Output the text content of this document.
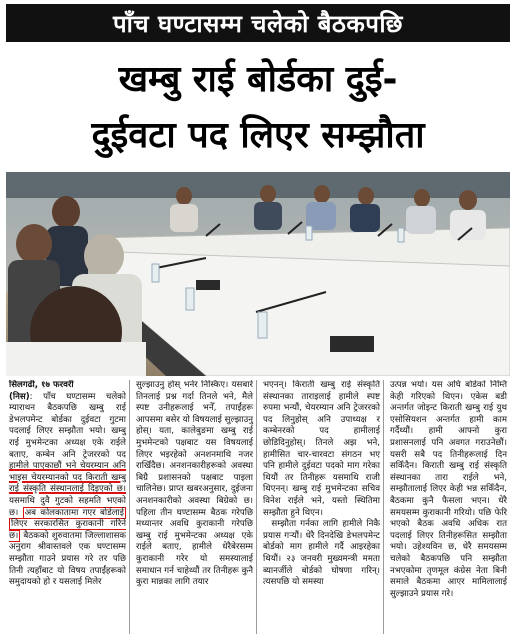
पाँच घण्टासम्म चलेको बैठकपछि
खम्बु राई बोर्डका दुई-
दुईवटा पद लिएर सम्झौता
सिलगढी, १७ फरवरी
(निस): पाँच घण्टासम्म चलेको म्याराथन बैठकपछि खम्बु राई डेभलपमेन्ट बोर्डका दुईवटा गुटमा पदलाई लिएर सम्झौता भयो। खम्बु राई मुभमेन्टका अध्यक्ष एके राईले बताए, कम्बेन अनि ट्रेजररको पद हामीले पाएकाछौं भने चेयरम्यान अनि भाइस चेयरम्यानको पद किराती खम्बु राई संस्कृति संस्थानलाई दिइएको छ। यसमाथि दुवै गुटको सहमति भएको छ। अब कोलकातामा गएर बोर्डलाई लिएर सरकारसित कुराकानी गरिने छ। बैठकको शुरुवातमा जिल्लाशासक अनुराग श्रीवास्तवले एक घण्टासम्म सम्झौता गाउने प्रयास गरे तर पछि तिनी त्यहाँबाट यो विषय तपाईंहरूको समुदायको हो र यसलाई मिलेर
सुल्झाउनु होस् भनेर निस्किए। यसबारे तिनलाई प्रश्न गर्दा तिनले भने, मैले स्पष्ट उनीहरूलाई भनेँ, तपाईंहरू आपसमा बसेर यो विषयलाई सुल्झाउनु होस्। यता, कालेबुङमा खम्बु राई मुभमेन्टको पक्षबाट यस विषयलाई लिएर भइरहेको अनशनमाथि नजर राखिँदैछ। अनशनकारीहरूको अवस्था बिग्रै प्रशासनको पक्षबाट पाइला चालिनेछ। प्राप्त खबरअनुसार, दुईजना अनशनकारीको अवस्था बिग्रेको छ। पहिला तीन घण्टासम्म बैठक गरेपछि मध्यान्तर अवधि कुराकानी गरेपछि खम्बु राई मुभमेन्टका अध्यक्ष एके राईले बताए, हामीले धेरैबेरसम्म कुराकानी गरेर यो समस्यालाई समाधान गर्न चाहेथ्यौं तर तिनीहरू कुनै कुरा मान्नका लागि तयार
भएनन्। किराती खम्बु राई संस्कृति संस्थानका ताराइलाई हामीले स्पष्ट रुपमा भन्यौं, चेयरम्यान अनि ट्रेजररको पद लिनुहोस् अनि उपाध्यक्ष र कम्बेनरको पद हामीलाई छोडिदिनुहोस्। तिनले अझ भने, हामीसित चार-चारवटा संगठन भए पनि हामीले दुईवटा पदको माग गरेका थियौं तर तिनीहरू यसमाथि राजी थिएनन्। खम्बु राई मुभमेन्टका सचिव विनेश राईले भने, यस्तो स्थितिमा सम्झौता हुने थिएन।
सम्झौता गर्नका लागि हामीले निकै प्रयास गर्‍यौं। धेरै दिनदेखि डेभलपमेन्ट बोर्डको माग हामीले गर्दै आइरहेका थियौं। २३ जनवरी मुख्यमन्त्री ममता ब्यानर्जीले बोर्डको घोषणा गरिन्। त्यसपछि यो समस्या
उत्पन्न भयो। यस अघि बोर्डको निम्ति केही गरिएको थिएन। एकेस बडी अन्तर्गत जोइन्ट किराती खम्बु राई युथ एसोसियशन अन्तर्गत हामी काम गर्दैथ्यौं। हामी आफ्नो कुरा प्रशासनलाई पनि अवगत गराउनेछौं। यसरी सबै पद तिनीहरूलाई दिन सकिँदैन। किराती खम्बु राई संस्कृति संस्थानका तारा राईले भने, सम्झौतालाई लिएर केही भन्न सकिँदैन, बैठकमा कुनै फैसला भएन। धेरै समयसम्म कुराकानी गरियो। पछि फेरि भएको बैठक अवधि अधिक रात पदलाई लिएर तिनीहरूसित सम्झौता भयो। उहेश्यविन छ, धेरै समयसम्म चलेको बैठकपछि पनि सम्झौता नभएकोमा तृणमूल कंग्रेस नेता बिनी समाले बैठकमा आएर मामिलालाई सुल्झाउने प्रयास गरे।
